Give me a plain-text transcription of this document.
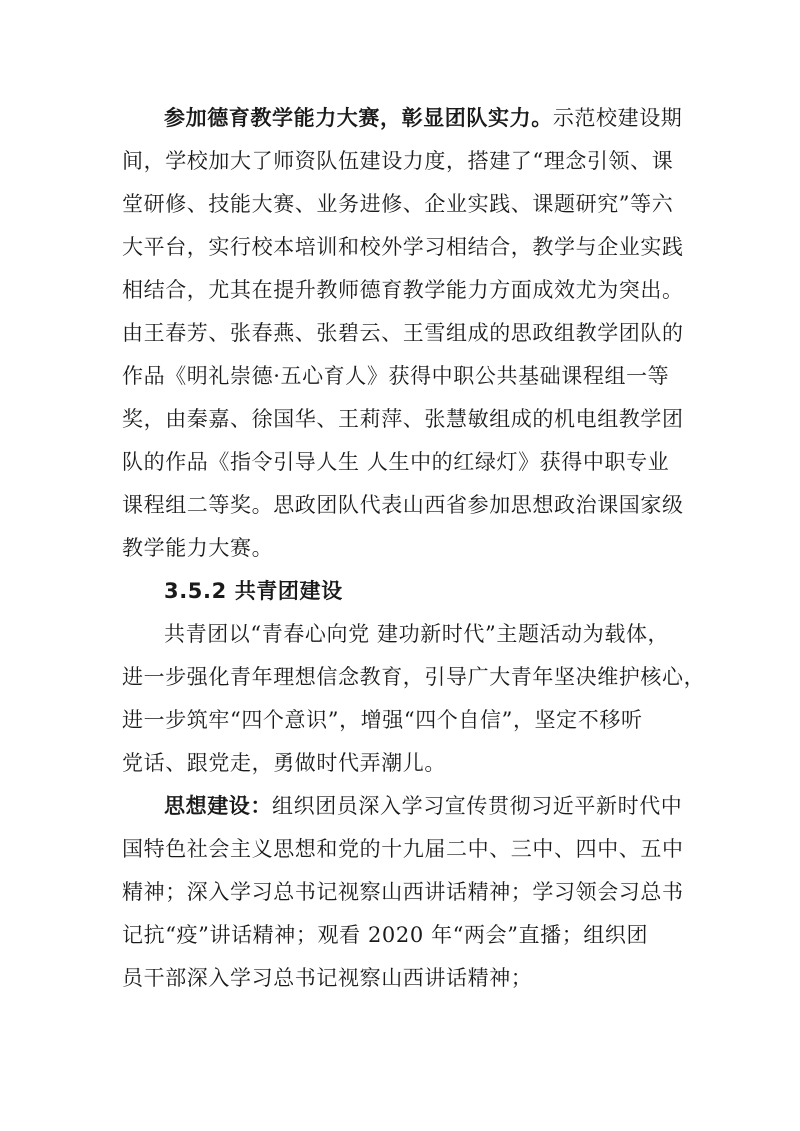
参加德育教学能力大赛，彰显团队实力。示范校建设期
间，学校加大了师资队伍建设力度，搭建了“理念引领、课
堂研修、技能大赛、业务进修、企业实践、课题研究”等六
大平台，实行校本培训和校外学习相结合，教学与企业实践
相结合，尤其在提升教师德育教学能力方面成效尤为突出。
由王春芳、张春燕、张碧云、王雪组成的思政组教学团队的
作品《明礼崇德·五心育人》获得中职公共基础课程组一等
奖，由秦嘉、徐国华、王莉萍、张慧敏组成的机电组教学团
队的作品《指令引导人生 人生中的红绿灯》获得中职专业
课程组二等奖。思政团队代表山西省参加思想政治课国家级
教学能力大赛。
3.5.2 共青团建设
共青团以“青春心向党 建功新时代”主题活动为载体，
进一步强化青年理想信念教育，引导广大青年坚决维护核心，
进一步筑牢“四个意识”，增强“四个自信”，坚定不移听
党话、跟党走，勇做时代弄潮儿。
思想建设：组织团员深入学习宣传贯彻习近平新时代中
国特色社会主义思想和党的十九届二中、三中、四中、五中
精神；深入学习总书记视察山西讲话精神；学习领会习总书
记抗“疫”讲话精神；观看 2020 年“两会”直播；组织团
员干部深入学习总书记视察山西讲话精神；
